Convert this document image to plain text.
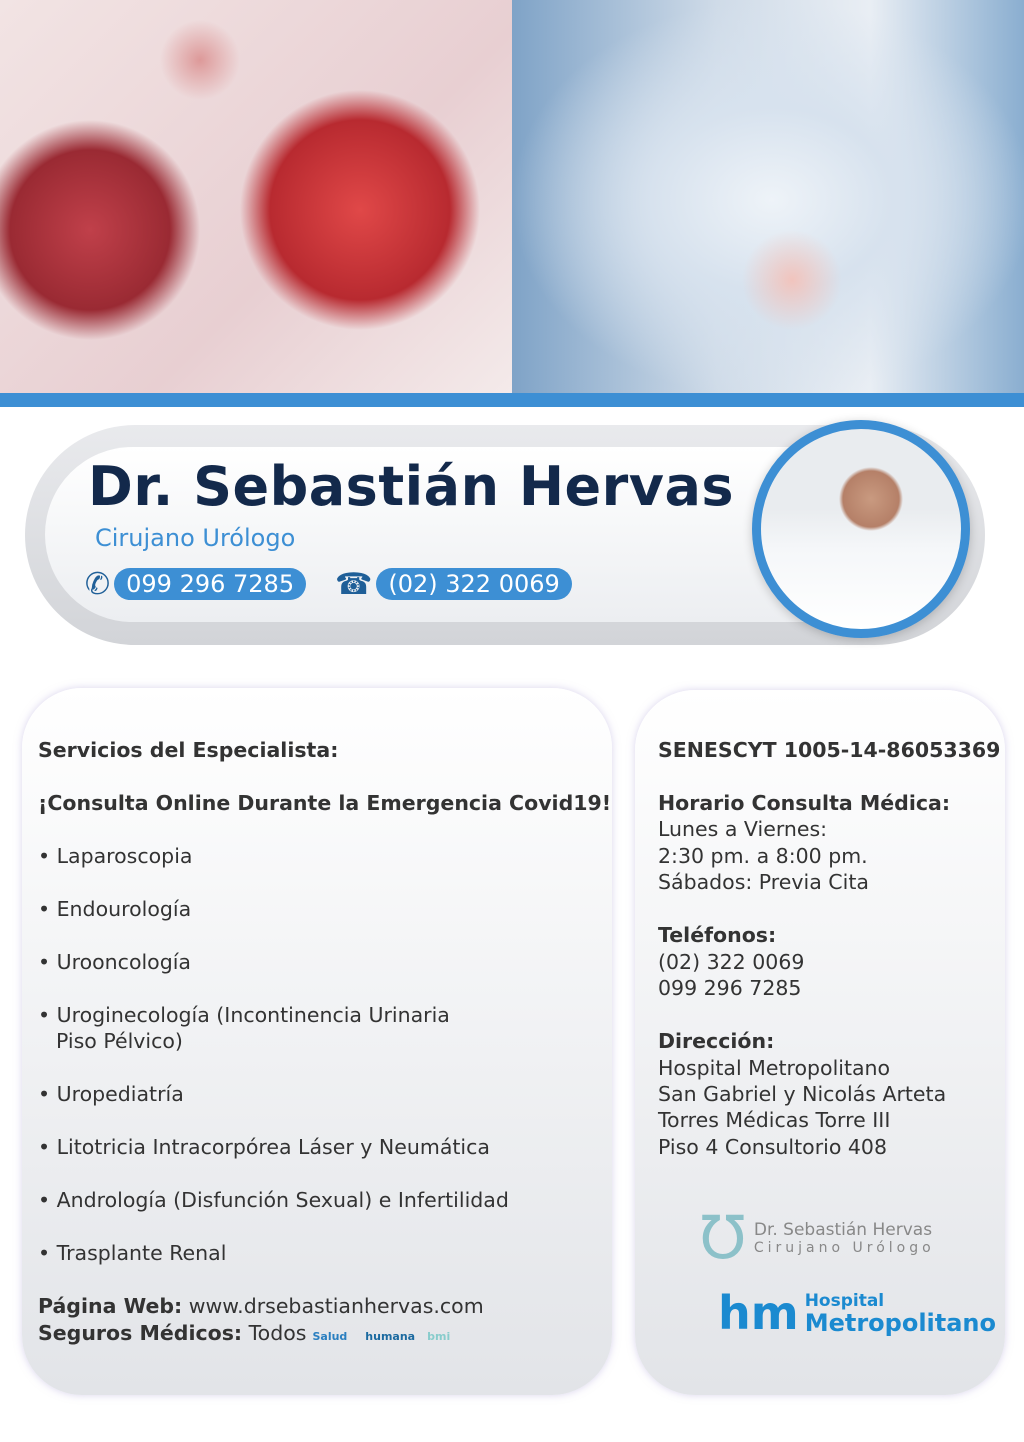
Dr. Sebastián Hervas
Cirujano Urólogo
✆ 099 296 7285	☎ (02) 322 0069
Servicios del Especialista:
¡Consulta Online Durante la Emergencia Covid19!
• Laparoscopia
• Endourología
• Urooncología
• Uroginecología (Incontinencia Urinaria
Piso Pélvico)
• Uropediatría
• Litotricia Intracorpórea Láser y Neumática
• Andrología (Disfunción Sexual) e Infertilidad
• Trasplante Renal
Página Web: www.drsebastianhervas.com
Seguros Médicos: Todos Salud humana bmi
SENESCYT 1005-14-86053369
Horario Consulta Médica:
Lunes a Viernes:
2:30 pm. a 8:00 pm.
Sábados: Previa Cita
Teléfonos:
(02) 322 0069
099 296 7285
Dirección:
Hospital Metropolitano
San Gabriel y Nicolás Arteta
Torres Médicas Torre III
Piso 4 Consultorio 408
Ʊ Dr. Sebastián Hervas
Cirujano Urólogo
hm Hospital
Metropolitano
